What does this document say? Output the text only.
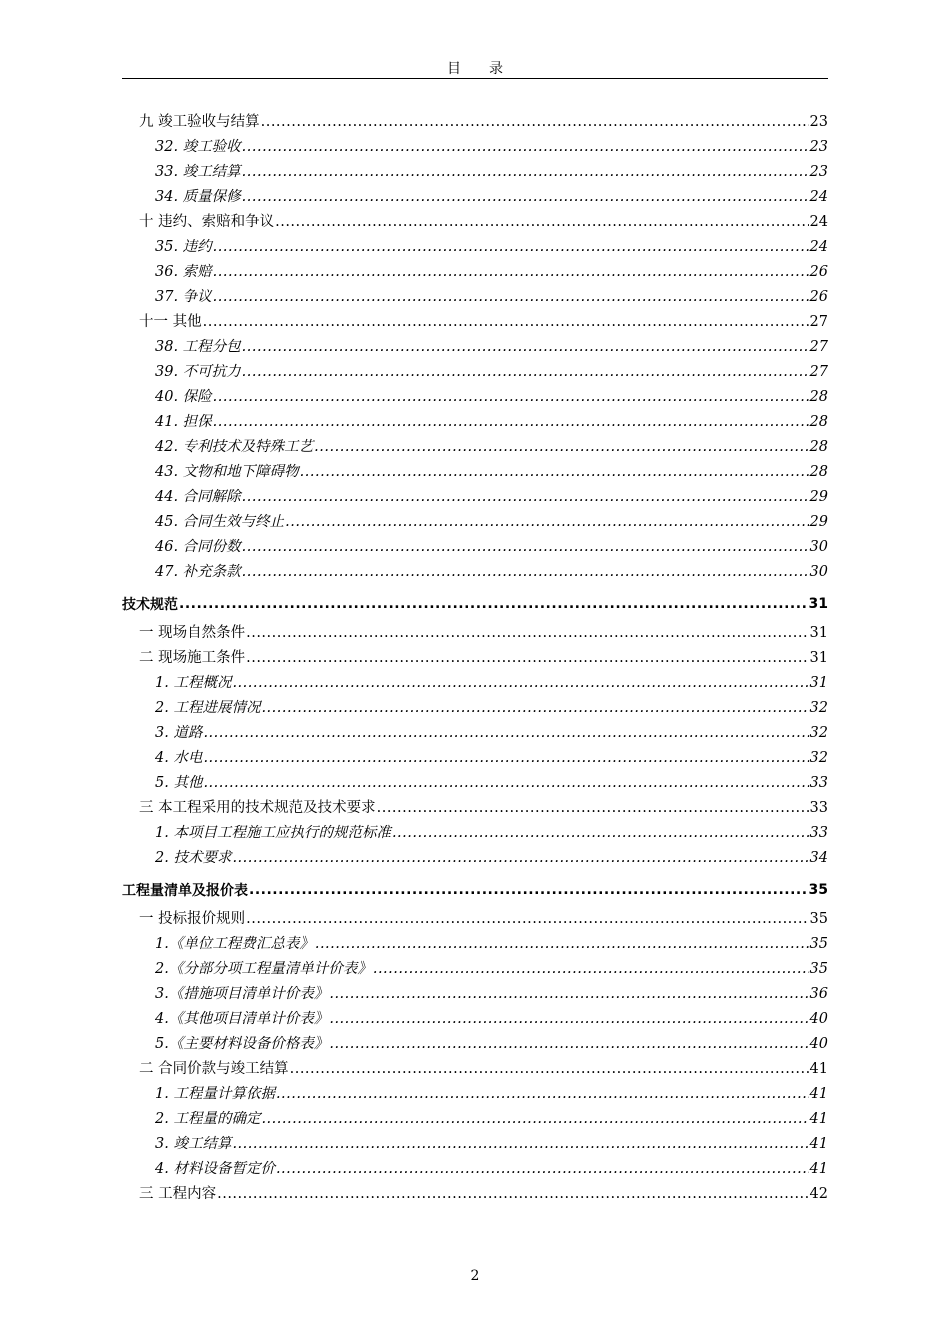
目　　录
九 竣工验收与结算 .....	23
32. 竣工验收 .....	23
33. 竣工结算 .....	23
34. 质量保修 .....	24
十 违约、索赔和争议 .....	24
35. 违约 .....	24
36. 索赔 .....	26
37. 争议 .....	26
十一 其他 .....	27
38. 工程分包 .....	27
39. 不可抗力 .....	27
40. 保险 .....	28
41. 担保 .....	28
42. 专利技术及特殊工艺 .....	28
43. 文物和地下障碍物 .....	28
44. 合同解除 .....	29
45. 合同生效与终止 .....	29
46. 合同份数 .....	30
47. 补充条款 .....	30
技术规范 .....	31
一 现场自然条件 .....	31
二 现场施工条件 .....	31
1. 工程概况 .....	31
2. 工程进展情况 .....	32
3. 道路 .....	32
4. 水电 .....	32
5. 其他 .....	33
三 本工程采用的技术规范及技术要求 .....	33
1. 本项目工程施工应执行的规范标准 .....	33
2. 技术要求 .....	34
工程量清单及报价表 .....	35
一 投标报价规则 .....	35
1.《单位工程费汇总表》 .....	35
2.《分部分项工程量清单计价表》 .....	35
3.《措施项目清单计价表》 .....	36
4.《其他项目清单计价表》 .....	40
5.《主要材料设备价格表》 .....	40
二 合同价款与竣工结算 .....	41
1. 工程量计算依据 .....	41
2. 工程量的确定 .....	41
3. 竣工结算 .....	41
4. 材料设备暂定价 .....	41
三 工程内容 .....	42
2
